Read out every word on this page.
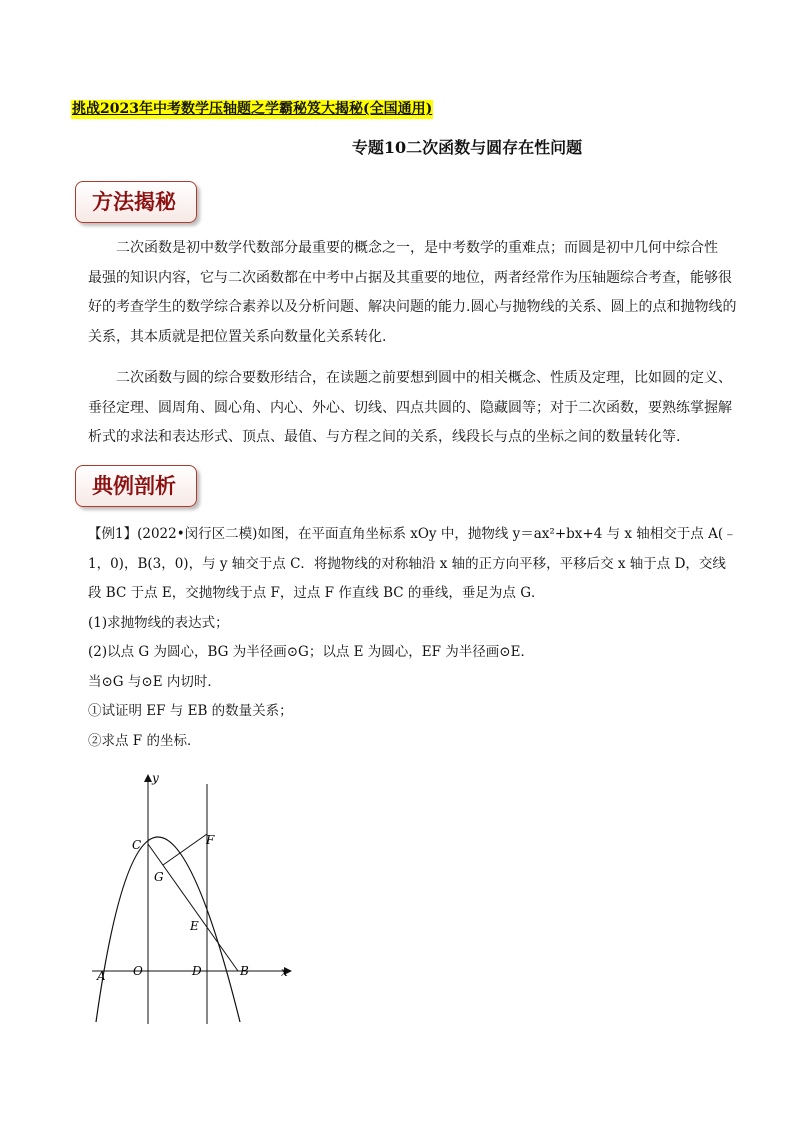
挑战2023年中考数学压轴题之学霸秘笈大揭秘(全国通用)
专题10二次函数与圆存在性问题
方法揭秘
二次函数是初中数学代数部分最重要的概念之一，是中考数学的重难点；而圆是初中几何中综合性
最强的知识内容，它与二次函数都在中考中占据及其重要的地位，两者经常作为压轴题综合考查，能够很
好的考查学生的数学综合素养以及分析问题、解决问题的能力.圆心与抛物线的关系、圆上的点和抛物线的
关系，其本质就是把位置关系向数量化关系转化.
二次函数与圆的综合要数形结合，在读题之前要想到圆中的相关概念、性质及定理，比如圆的定义、
垂径定理、圆周角、圆心角、内心、外心、切线、四点共圆的、隐藏圆等；对于二次函数，要熟练掌握解
析式的求法和表达形式、顶点、最值、与方程之间的关系，线段长与点的坐标之间的数量转化等.
典例剖析
【例1】(2022•闵行区二模)如图，在平面直角坐标系 xOy 中，抛物线 y＝ax²+bx+4 与 x 轴相交于点 A(﹣
1，0)，B(3，0)，与 y 轴交于点 C．将抛物线的对称轴沿 x 轴的正方向平移，平移后交 x 轴于点 D，交线
段 BC 于点 E，交抛物线于点 F，过点 F 作直线 BC 的垂线，垂足为点 G．
(1)求抛物线的表达式；
(2)以点 G 为圆心，BG 为半径画⊙G；以点 E 为圆心，EF 为半径画⊙E．
当⊙G 与⊙E 内切时．
①试证明 EF 与 EB 的数量关系；
②求点 F 的坐标．
y
x
A O	D	B
C	F
G
E
